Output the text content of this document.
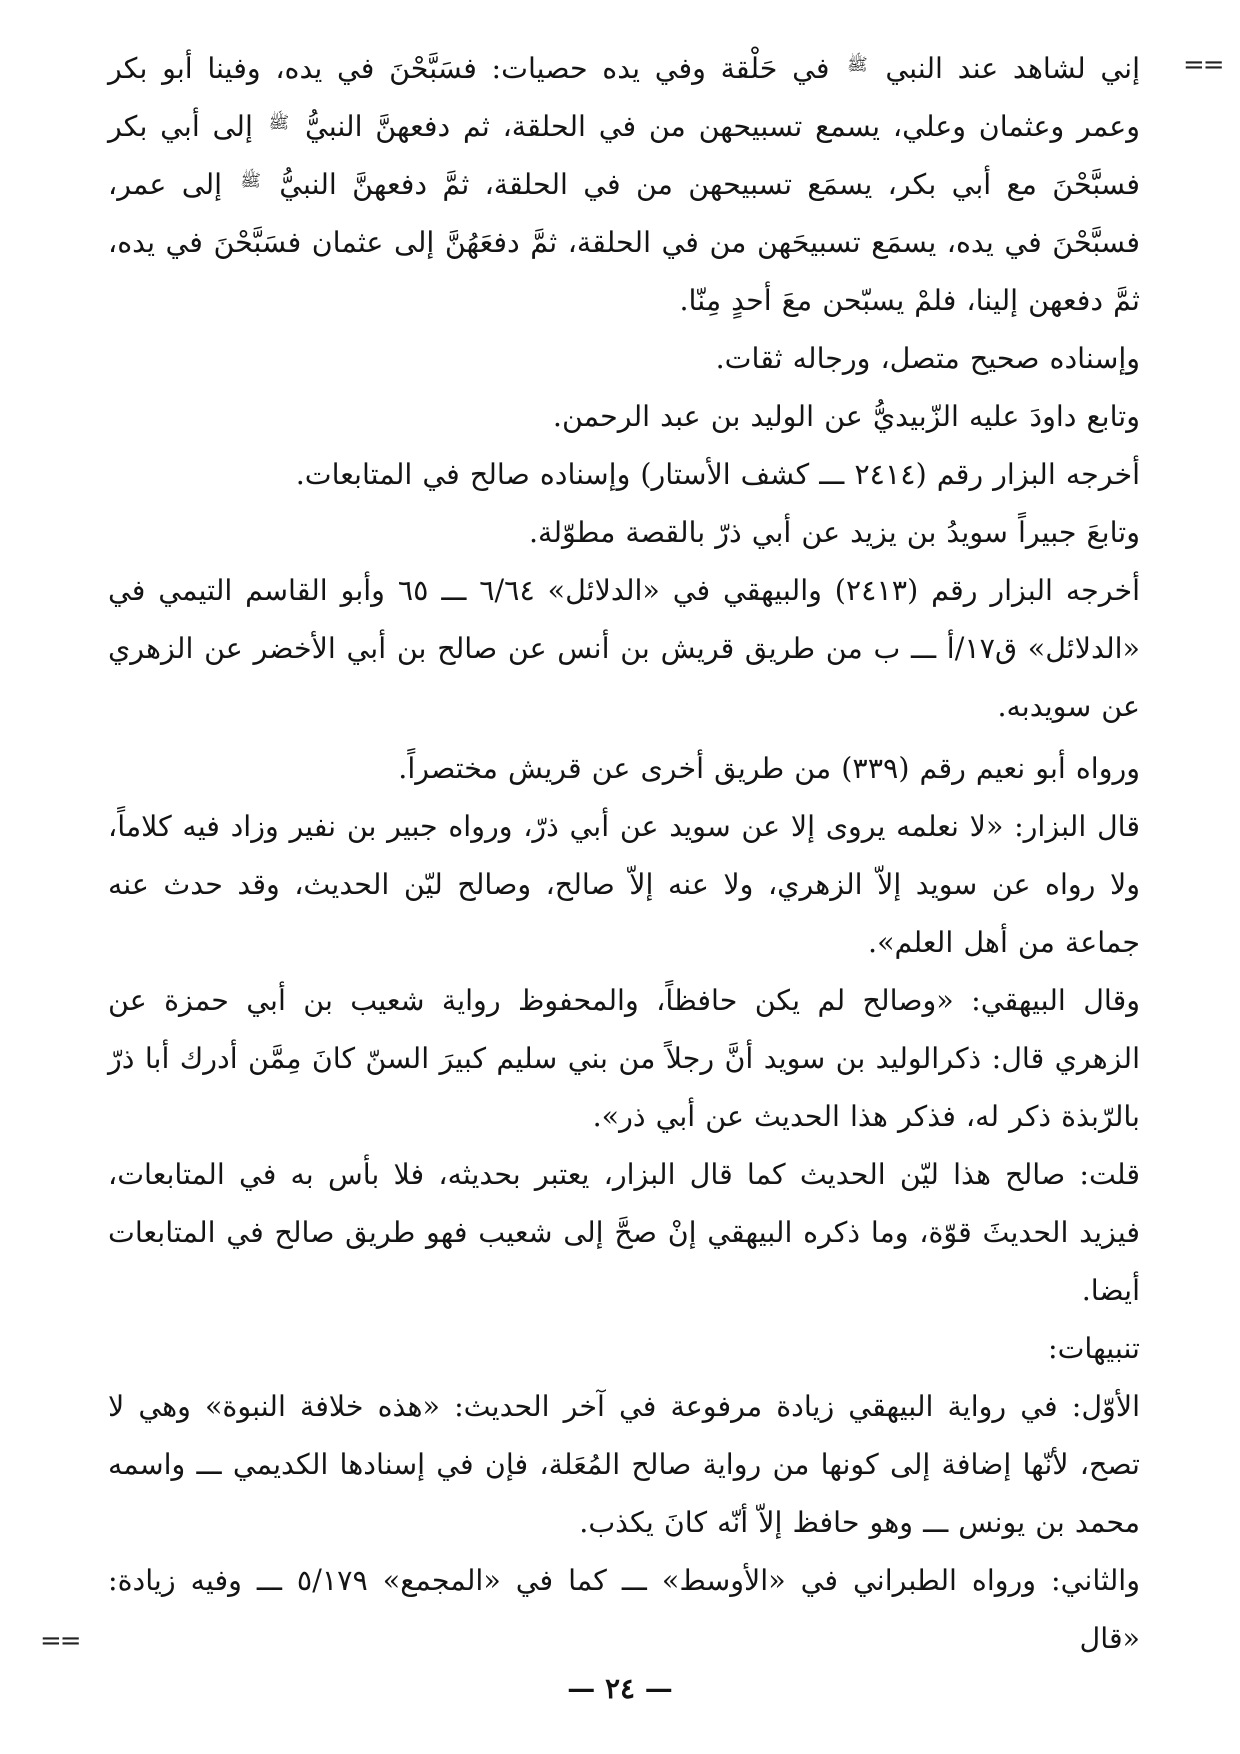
==

إني لشاهد عند النبي ﷺ في حَلْقة وفي يده حصيات: فسَبَّحْنَ في يده، وفينا أبو بكر وعمر وعثمان وعلي، يسمع تسبيحهن من في الحلقة، ثم دفعهنَّ النبيُّ ﷺ إلى أبي بكر فسبَّحْنَ مع أبي بكر، يسمَع تسبيحهن من في الحلقة، ثمَّ دفعهنَّ النبيُّ ﷺ إلى عمر، فسبَّحْنَ في يده، يسمَع تسبيحَهن من في الحلقة، ثمَّ دفعَهُنَّ إلى عثمان فسَبَّحْنَ في يده، ثمَّ دفعهن إلينا، فلمْ يسبّحن معَ أحدٍ مِنّا.

وإسناده صحيح متصل، ورجاله ثقات.

وتابع داودَ عليه الزّبيديُّ عن الوليد بن عبد الرحمن.

أخرجه البزار رقم (٢٤١٤ ـــ كشف الأستار) وإسناده صالح في المتابعات.

وتابعَ جبيراً سويدُ بن يزيد عن أبي ذرّ بالقصة مطوّلة.

أخرجه البزار رقم (٢٤١٣) والبيهقي في «الدلائل» ٦/٦٤ ـــ ٦٥ وأبو القاسم التيمي في «الدلائل» ق١٧/أ ـــ ب من طريق قريش بن أنس عن صالح بن أبي الأخضر عن الزهري عن سويدبه.

ورواه أبو نعيم رقم (٣٣٩) من طريق أخرى عن قريش مختصراً.

قال البزار: «لا نعلمه يروى إلا عن سويد عن أبي ذرّ، ورواه جبير بن نفير وزاد فيه كلاماً، ولا رواه عن سويد إلاّ الزهري، ولا عنه إلاّ صالح، وصالح ليّن الحديث، وقد حدث عنه جماعة من أهل العلم».

وقال البيهقي: «وصالح لم يكن حافظاً، والمحفوظ رواية شعيب بن أبي حمزة عن الزهري قال: ذكرالوليد بن سويد أنَّ رجلاً من بني سليم كبيرَ السنّ كانَ مِمَّن أدرك أبا ذرّ بالرّبذة ذكر له، فذكر هذا الحديث عن أبي ذر».

قلت: صالح هذا ليّن الحديث كما قال البزار، يعتبر بحديثه، فلا بأس به في المتابعات، فيزيد الحديثَ قوّة، وما ذكره البيهقي إنْ صحَّ إلى شعيب فهو طريق صالح في المتابعات أيضا.

تنبيهات:

الأوّل: في رواية البيهقي زيادة مرفوعة في آخر الحديث: «هذه خلافة النبوة» وهي لا تصح، لأنّها إضافة إلى كونها من رواية صالح المُعَلة، فإن في إسنادها الكديمي ـــ واسمه محمد بن يونس ـــ وهو حافظ إلاّ أنّه كانَ يكذب.

والثاني: ورواه الطبراني في «الأوسط» ـــ كما في «المجمع» ٥/١٧٩ ـــ وفيه زيادة: «قال

==
— ٢٤ —
